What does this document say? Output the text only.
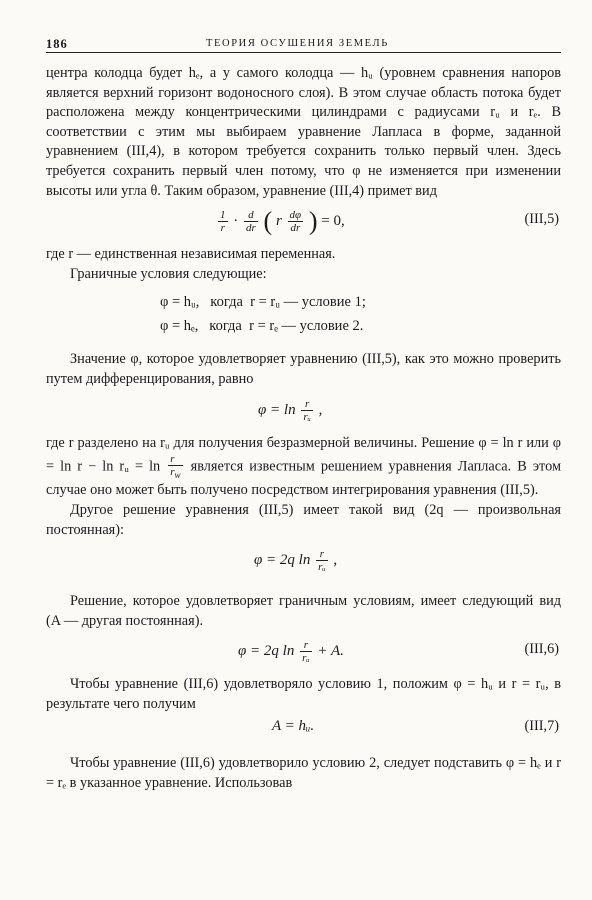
186	ТЕОРИЯ ОСУШЕНИЯ ЗЕМЕЛЬ

центра колодца будет hₑ, а у самого колодца — hᵤ (уровнем сравнения напоров является верхний горизонт водоносного слоя). В этом случае область потока будет расположена между концентрическими цилиндрами с радиусами rᵤ и rₑ. В соответствии с этим мы выбираем уравнение Лапласа в форме, заданной уравнением (III,4), в котором требуется сохранить только первый член. Здесь требуется сохранить первый член потому, что φ не изменяется при изменении высоты или угла θ. Таким образом, уравнение (III,4) примет вид

$\frac{1}{r} \cdot \frac{d}{dr}$ ( r $\frac{d\varphi}{dr}$ ) = 0,	(III,5)

где r — единственная независимая переменная.

Граничные условия следующие:

φ = hᵤ,   когда  r = rᵤ — условие 1;
φ = hₑ,   когда  r = rₑ — условие 2.

Значение φ, которое удовлетворяет уравнению (III,5), как это можно проверить путем дифференцирования, равно

$\varphi = \ln \frac{r}{\text{rᵤ}}$ ,

где r разделено на rᵤ для получения безразмерной величины. Решение φ = ln r или φ = ln r − ln rᵤ = $\ln \frac{r}{r_w}$ является известным решением уравнения Лапласа. В этом случае оно может быть получено посредством интегрирования уравнения (III,5).

Другое решение уравнения (III,5) имеет такой вид (2q — произвольная постоянная):

φ = 2q $\ln \frac{r}{\text{rᵤ}}$ ,

Решение, которое удовлетворяет граничным условиям, имеет следующий вид (A — другая постоянная).

φ = 2q $\ln \frac{r}{\text{rᵤ}} + A$.	(III,6)

Чтобы уравнение (III,6) удовлетворяло условию 1, положим φ = hᵤ и r = rᵤ, в результате чего получим

A = hᵤ.	(III,7)

Чтобы уравнение (III,6) удовлетворило условию 2, следует подставить φ = hₑ и r = rₑ в указанное уравнение. Использовав
